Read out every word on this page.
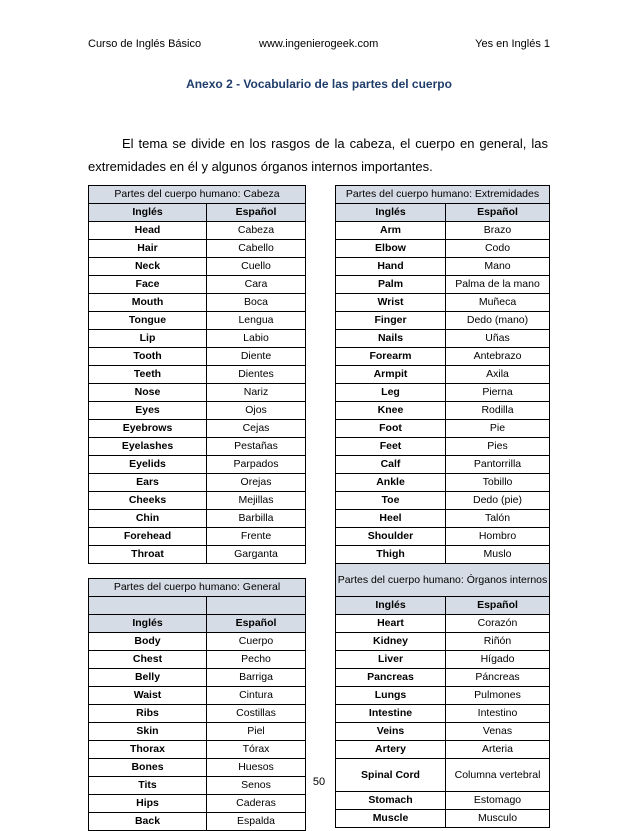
Curso de Inglés Básico	www.ingenierogeek.com	Yes en Inglés 1
Anexo 2 - Vocabulario de las partes del cuerpo
El tema se divide en los rasgos de la cabeza, el cuerpo en general, las extremidades en él y algunos órganos internos importantes.
Partes del cuerpo humano: Cabeza	
Inglés	Español
Head	Cabeza
Hair	Cabello
Neck	Cuello
Face	Cara
Mouth	Boca
Tongue	Lengua
Lip	Labio
Tooth	Diente
Teeth	Dientes
Nose	Nariz
Eyes	Ojos
Eyebrows	Cejas
Eyelashes	Pestañas
Eyelids	Parpados
Ears	Orejas
Cheeks	Mejillas
Chin	Barbilla
Forehead	Frente
Throat	Garganta

Partes del cuerpo humano: General	

Inglés	Español
Body	Cuerpo
Chest	Pecho
Belly	Barriga
Waist	Cintura
Ribs	Costillas
Skin	Piel
Thorax	Tórax
Bones	Huesos
Tits	Senos
Hips	Caderas
Back	Espalda
Partes del cuerpo humano: Extremidades	
Inglés	Español
Arm	Brazo
Elbow	Codo
Hand	Mano
Palm	Palma de la mano
Wrist	Muñeca
Finger	Dedo (mano)
Nails	Uñas
Forearm	Antebrazo
Armpit	Axila
Leg	Pierna
Knee	Rodilla
Foot	Pie
Feet	Pies
Calf	Pantorrilla
Ankle	Tobillo
Toe	Dedo (pie)
Heel	Talón
Shoulder	Hombro
Thigh	Muslo
Partes del cuerpo humano: Órganos internos	
Inglés	Español
Heart	Corazón
Kidney	Riñón
Liver	Hígado
Pancreas	Páncreas
Lungs	Pulmones
Intestine	Intestino
Veins	Venas
Artery	Arteria
Spinal Cord	Columna vertebral
Stomach	Estomago
Muscle	Musculo
50
